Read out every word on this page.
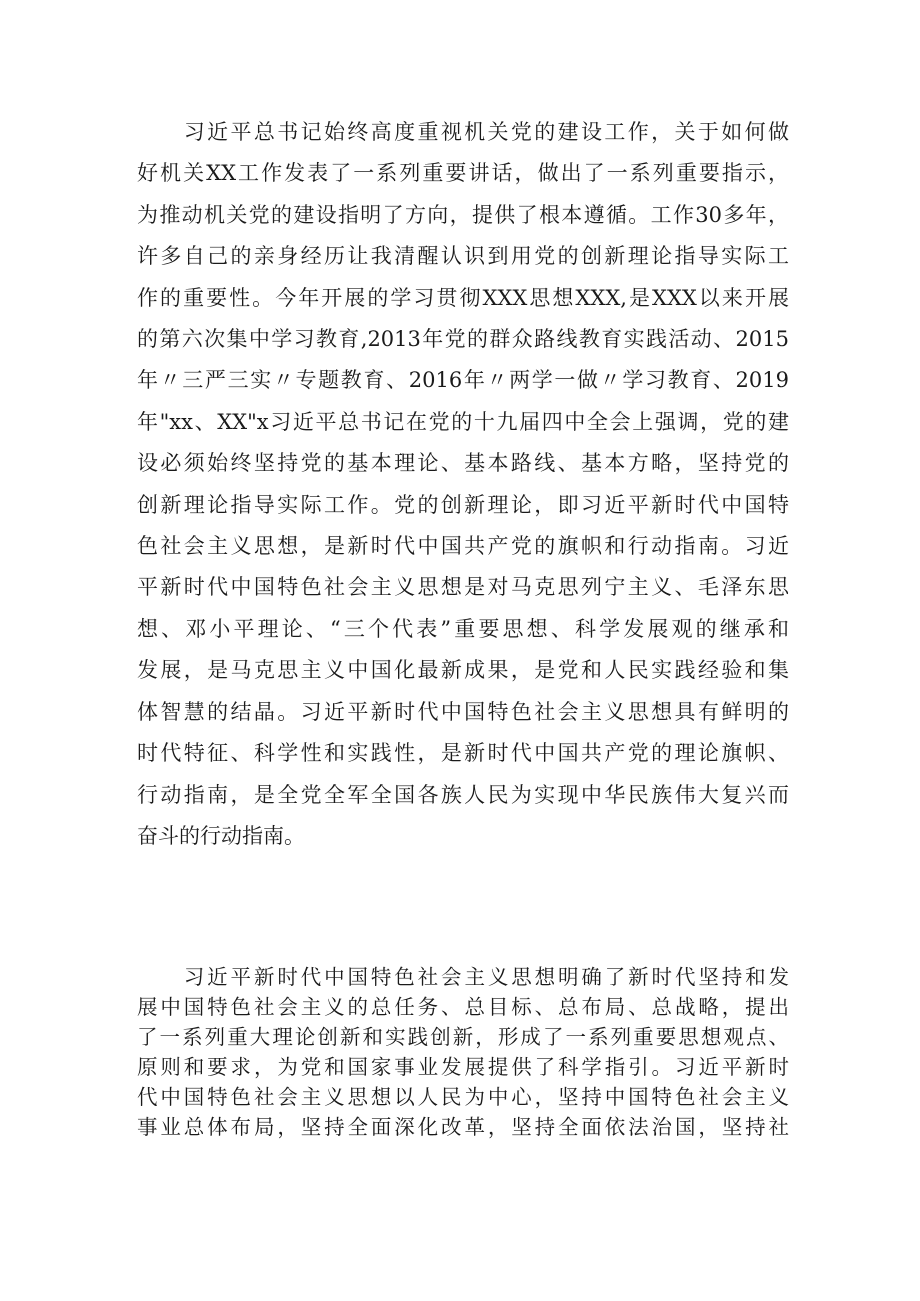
　　习近平总书记始终高度重视机关党的建设工作，关于如何做
好机关XX工作发表了一系列重要讲话，做出了一系列重要指示，
为推动机关党的建设指明了方向，提供了根本遵循。工作30多年，
许多自己的亲身经历让我清醒认识到用党的创新理论指导实际工
作的重要性。今年开展的学习贯彻XXX思想XXX,是XXX以来开展
的第六次集中学习教育,2013年党的群众路线教育实践活动、2015
年〃三严三实〃专题教育、2016年〃两学一做〃学习教育、2019
年"xx、XX"x习近平总书记在党的十九届四中全会上强调，党的建
设必须始终坚持党的基本理论、基本路线、基本方略，坚持党的
创新理论指导实际工作。党的创新理论，即习近平新时代中国特
色社会主义思想，是新时代中国共产党的旗帜和行动指南。习近
平新时代中国特色社会主义思想是对马克思列宁主义、毛泽东思
想、邓小平理论、“三个代表”重要思想、科学发展观的继承和
发展，是马克思主义中国化最新成果，是党和人民实践经验和集
体智慧的结晶。习近平新时代中国特色社会主义思想具有鲜明的
时代特征、科学性和实践性，是新时代中国共产党的理论旗帜、
行动指南，是全党全军全国各族人民为实现中华民族伟大复兴而
奋斗的行动指南。
　　习近平新时代中国特色社会主义思想明确了新时代坚持和发
展中国特色社会主义的总任务、总目标、总布局、总战略，提出
了一系列重大理论创新和实践创新，形成了一系列重要思想观点、
原则和要求，为党和国家事业发展提供了科学指引。习近平新时
代中国特色社会主义思想以人民为中心，坚持中国特色社会主义
事业总体布局，坚持全面深化改革，坚持全面依法治国，坚持社
